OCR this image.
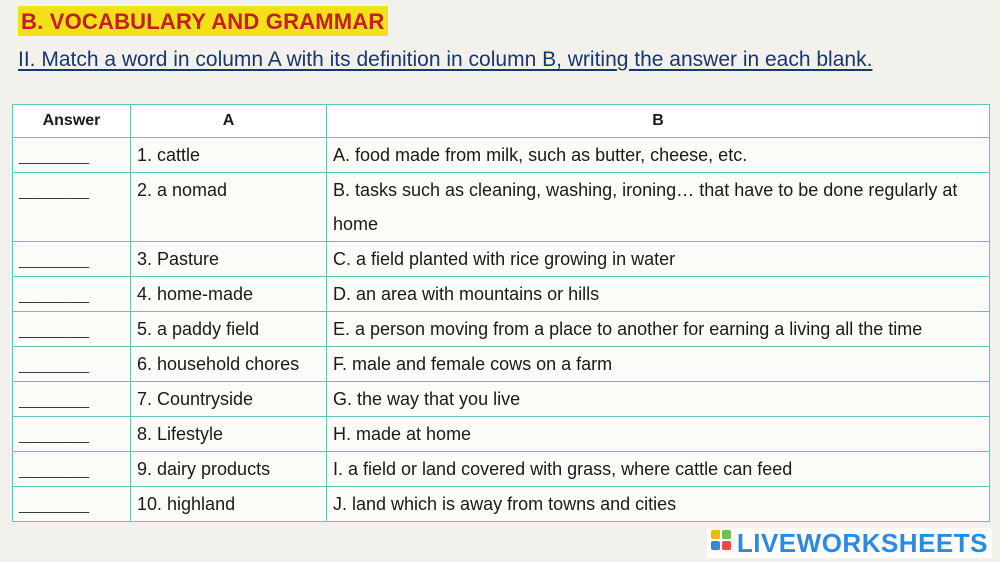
B. VOCABULARY AND GRAMMAR
II. Match a word in column A with its definition in column B, writing the answer in each blank.
Answer	A	B
_________	1. cattle	A. food made from milk, such as butter, cheese, etc.
_________	2. a nomad	B. tasks such as cleaning, washing, ironing… that have to be done regularly at home
_________	3. Pasture	C. a field planted with rice growing in water
_________	4. home-made	D. an area with mountains or hills
_________	5. a paddy field	E. a person moving from a place to another for earning a living all the time
_________	6. household chores	F. male and female cows on a farm
_________	7. Countryside	G. the way that you live
_________	8. Lifestyle	H. made at home
_________	9. dairy products	I. a field or land covered with grass, where cattle can feed
_________	10. highland	J. land which is away from towns and cities
LIVEWORKSHEETS
